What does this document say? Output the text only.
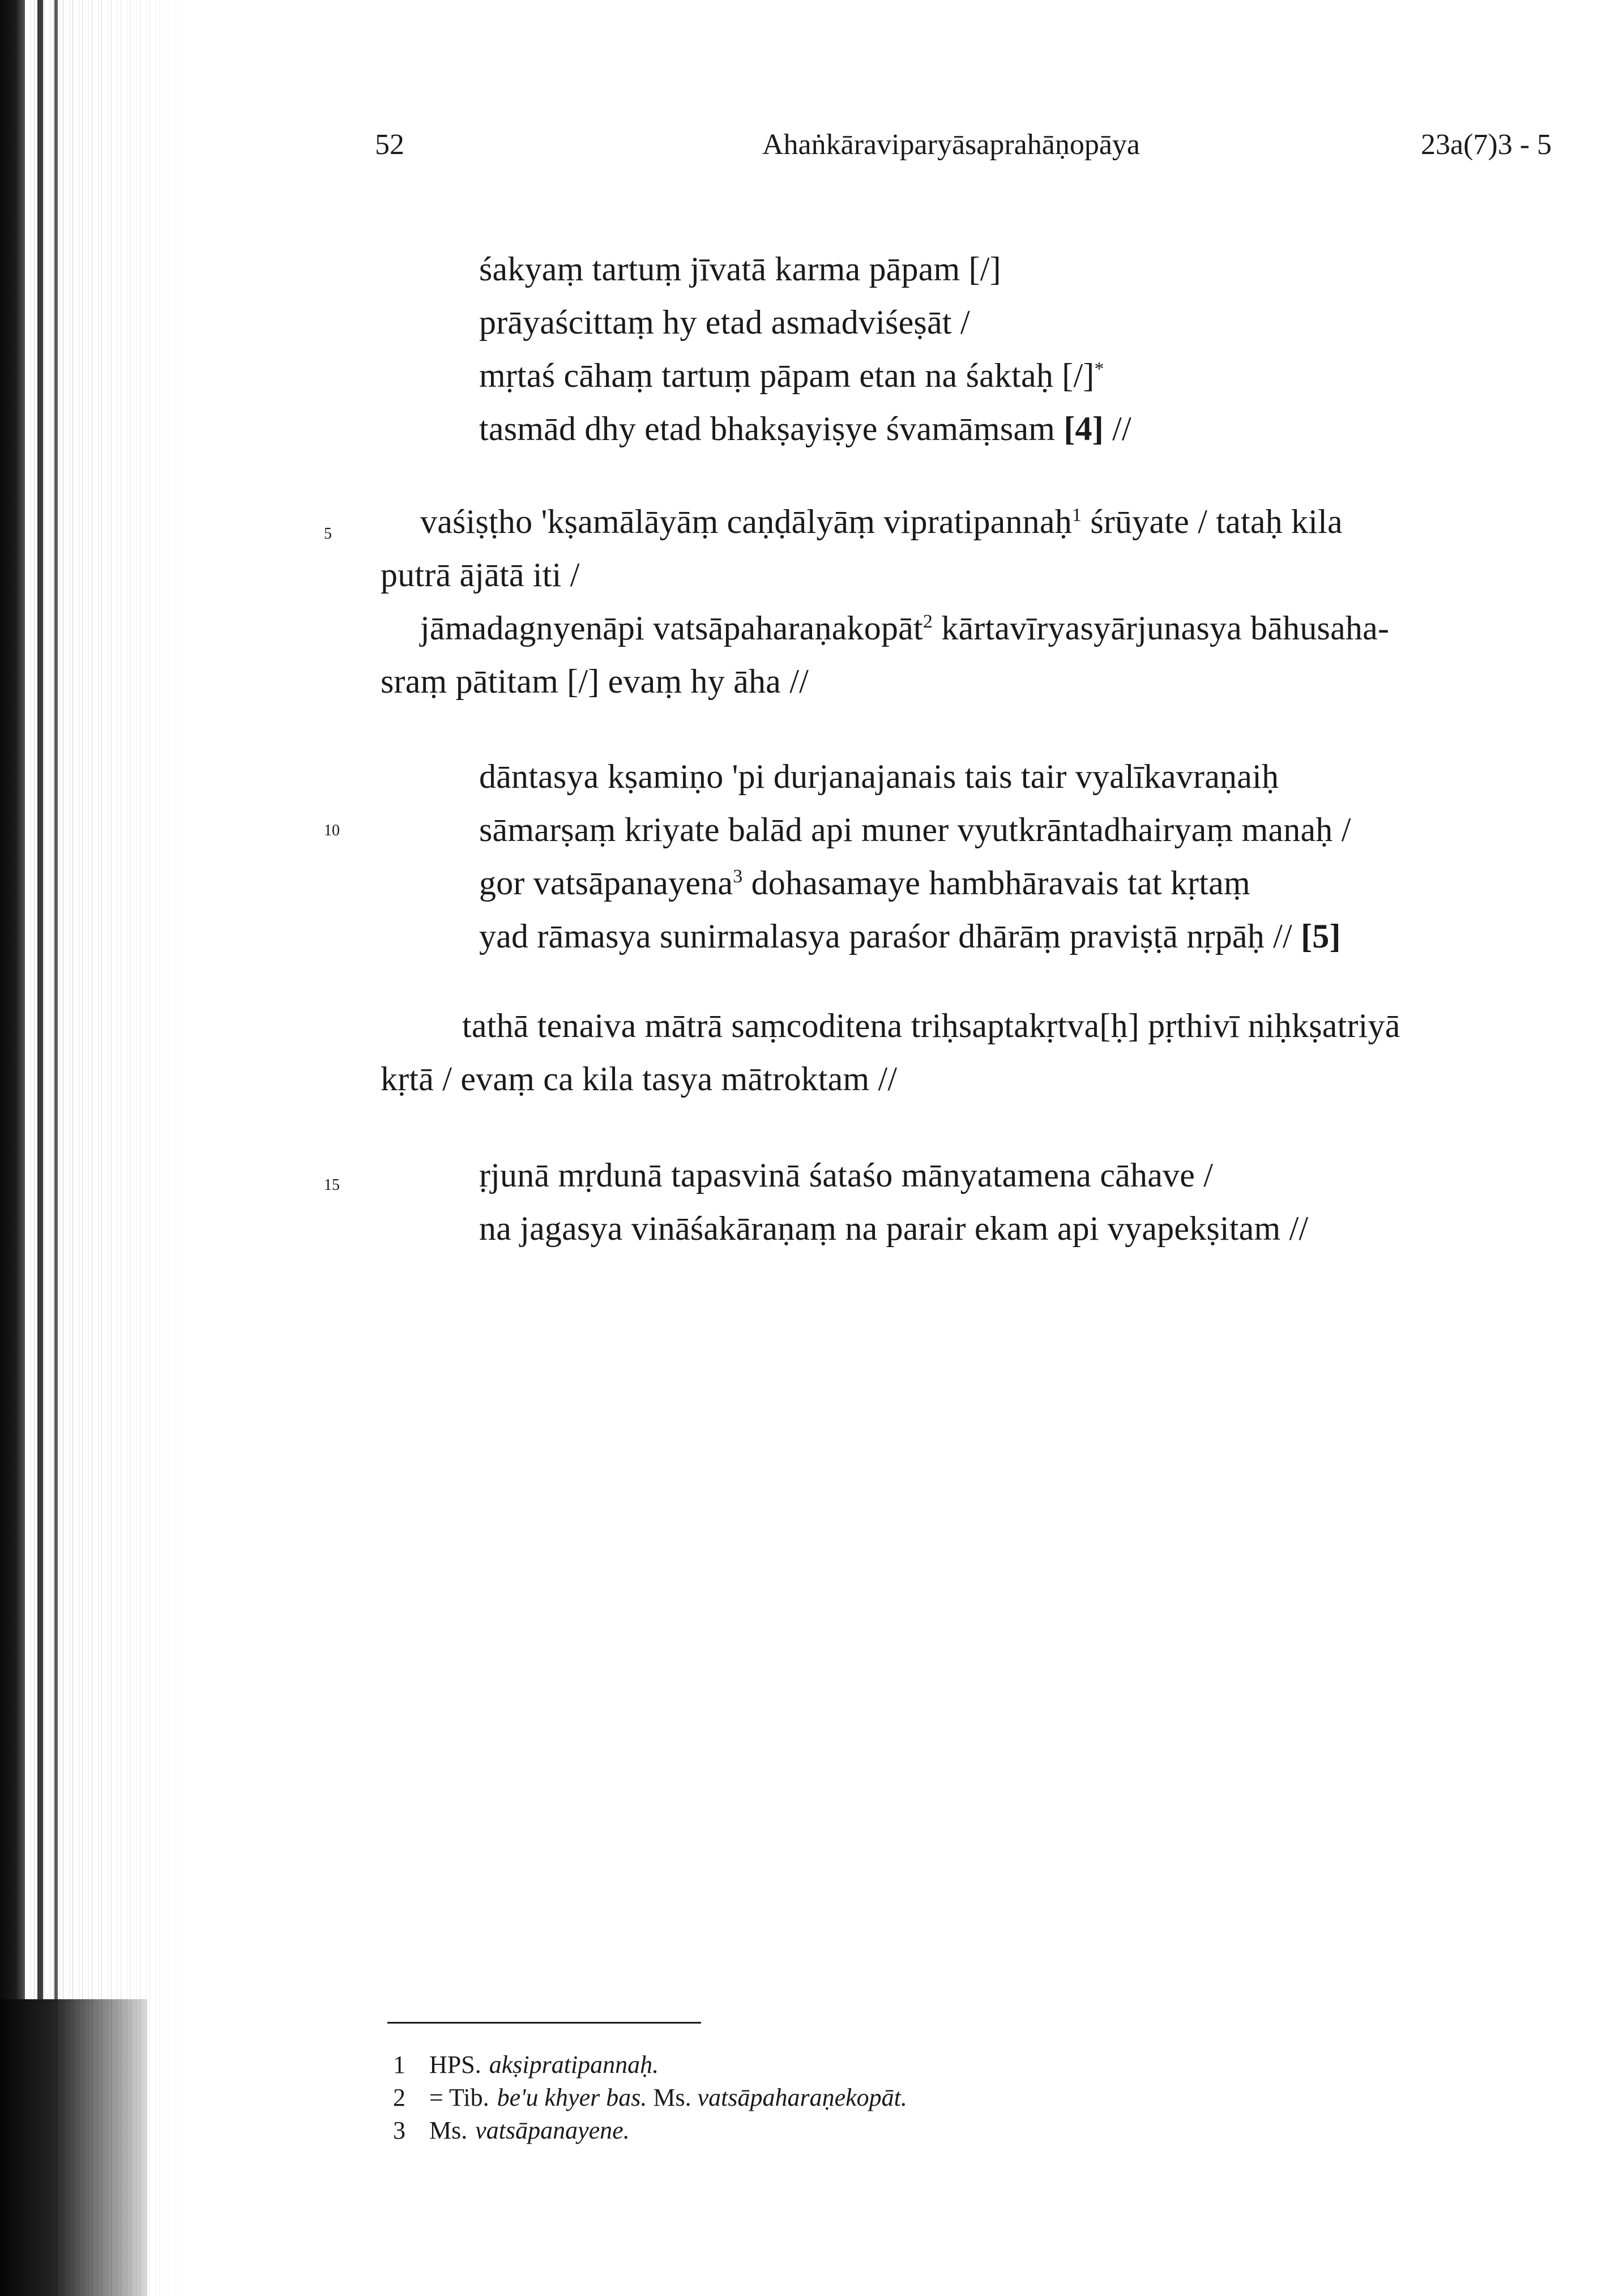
52	Ahaṅkāraviparyāsaprahāṇopāya	23a(7)3 - 5
śakyaṃ tartuṃ jīvatā karma pāpam [/]
prāyaścittaṃ hy etad asmadviśeṣāt /
mṛtaś cāhaṃ tartuṃ pāpam etan na śaktaḥ [/]*
tasmād dhy etad bhakṣayiṣye śvamāṃsam [4] //
5	vaśiṣṭho 'kṣamālāyāṃ caṇḍālyāṃ vipratipannaḥ$^1$ śrūyate / tataḥ kila
putrā ājātā iti /
jāmadagnyenāpi vatsāpaharaṇakopāt$^2$ kārtavīryasyārjunasya bāhusaha-
sraṃ pātitam [/] evaṃ hy āha //
dāntasya kṣamiṇo 'pi durjanajanais tais tair vyalīkavraṇaiḥ
10	sāmarṣaṃ kriyate balād api muner vyutkrāntadhairyaṃ manaḥ /
gor vatsāpanayena$^3$ dohasamaye hambhāravais tat kṛtaṃ
yad rāmasya sunirmalasya paraśor dhārāṃ praviṣṭā nṛpāḥ // [5]
tathā tenaiva mātrā saṃcoditena triḥsaptakṛtva[ḥ] pṛthivī niḥkṣatriyā
kṛtā / evaṃ ca kila tasya mātroktam //
15	ṛjunā mṛdunā tapasvinā śataśo mānyatamena cāhave /
na jagasya vināśakāraṇaṃ na parair ekam api vyapekṣitam //
1 HPS. akṣipratipannaḥ.
2 = Tib. be'u khyer bas. Ms. vatsāpaharaṇekopāt.
3 Ms. vatsāpanayene.
